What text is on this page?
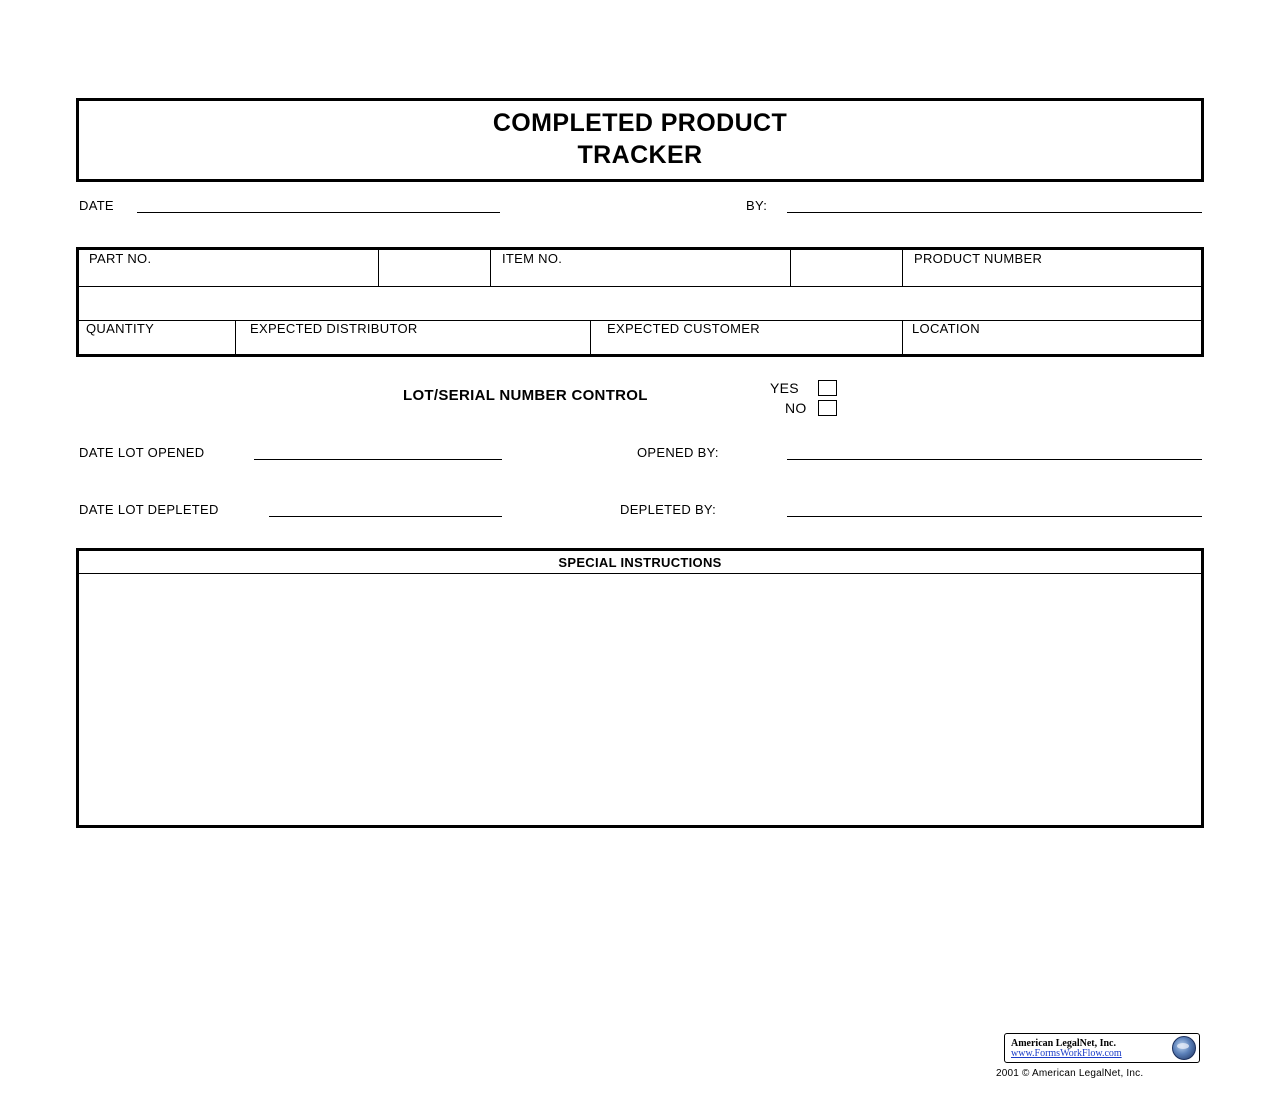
COMPLETED PRODUCT
TRACKER
DATE	BY:
PART NO.	ITEM NO.	PRODUCT NUMBER
QUANTITY	EXPECTED DISTRIBUTOR	EXPECTED CUSTOMER	LOCATION
LOT/SERIAL NUMBER CONTROL	YES
NO
DATE LOT OPENED	OPENED BY:
DATE LOT DEPLETED	DEPLETED BY:
SPECIAL INSTRUCTIONS
American LegalNet, Inc.
www.FormsWorkFlow.com
2001 © American LegalNet, Inc.
